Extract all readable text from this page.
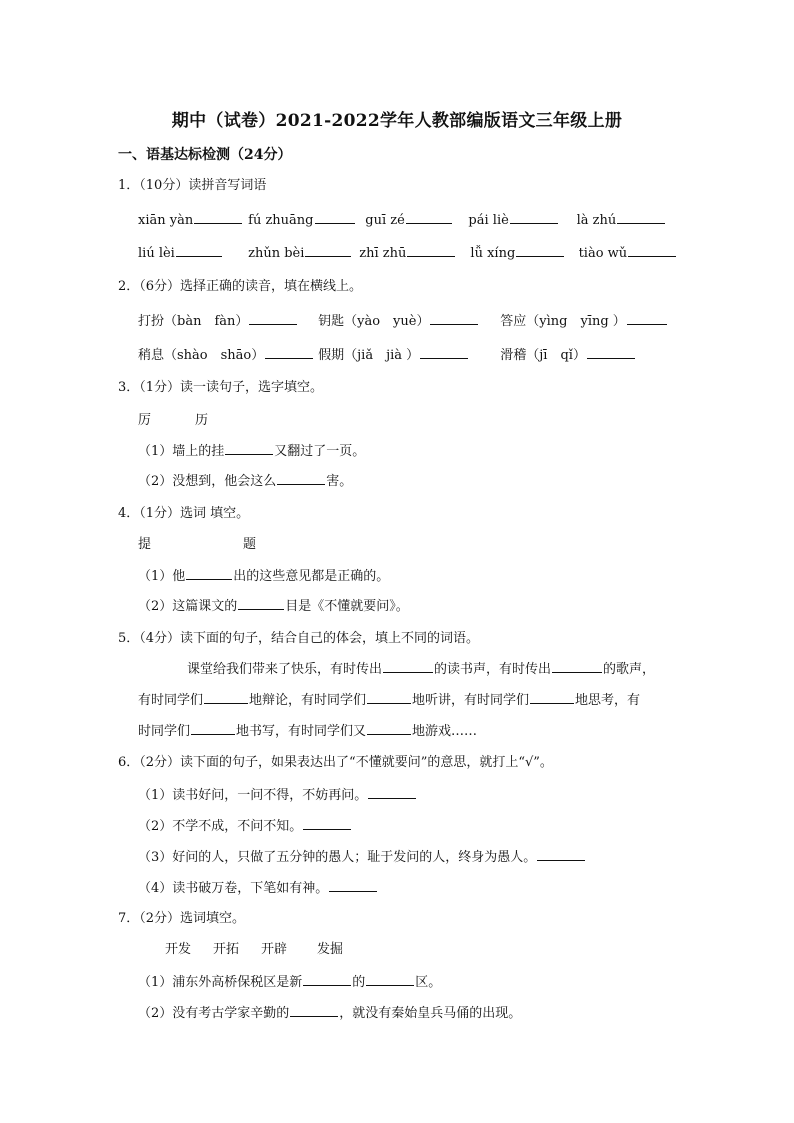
期中（试卷）2021-2022学年人教部编版语文三年级上册
一、语基达标检测（24分）
1．（10分）读拼音写词语
xiān yàn	fú zhuāng	guī zé	pái liè	là zhú
liú lèi	zhǔn bèi	zhī zhū	lǚ xíng	tiào wǔ
2．（6分）选择正确的读音，填在横线上。
打扮（bàn　fàn）	钥匙（yào　yuè）	答应（yìng　yīng ）
稍息（shào　shāo）	假期（jiǎ　jià ）	滑稽（jī　qǐ）
3．（1分）读一读句子，选字填空。
厉	历
（1）墙上的挂	又翻过了一页。
（2）没想到，他会这么	害。
4．（1分）选词 填空。
提	题
（1）他	出的这些意见都是正确的。
（2）这篇课文的	目是《不懂就要问》。
5．（4分）读下面的句子，结合自己的体会，填上不同的词语。
课堂给我们带来了快乐，有时传出	的读书声，有时传出	的歌声，
有时同学们	地辩论，有时同学们	地听讲，有时同学们	地思考，有
时同学们	地书写，有时同学们又	地游戏……
6．（2分）读下面的句子，如果表达出了“不懂就要问”的意思，就打上“√”。
（1）读书好问，一问不得，不妨再问。
（2）不学不成，不问不知。
（3）好问的人，只做了五分钟的愚人；耻于发问的人，终身为愚人。
（4）读书破万卷，下笔如有神。
7．（2分）选词填空。
开发 开拓 开辟 发掘
（1）浦东外高桥保税区是新	的	区。
（2）没有考古学家辛勤的	，就没有秦始皇兵马俑的出现。
